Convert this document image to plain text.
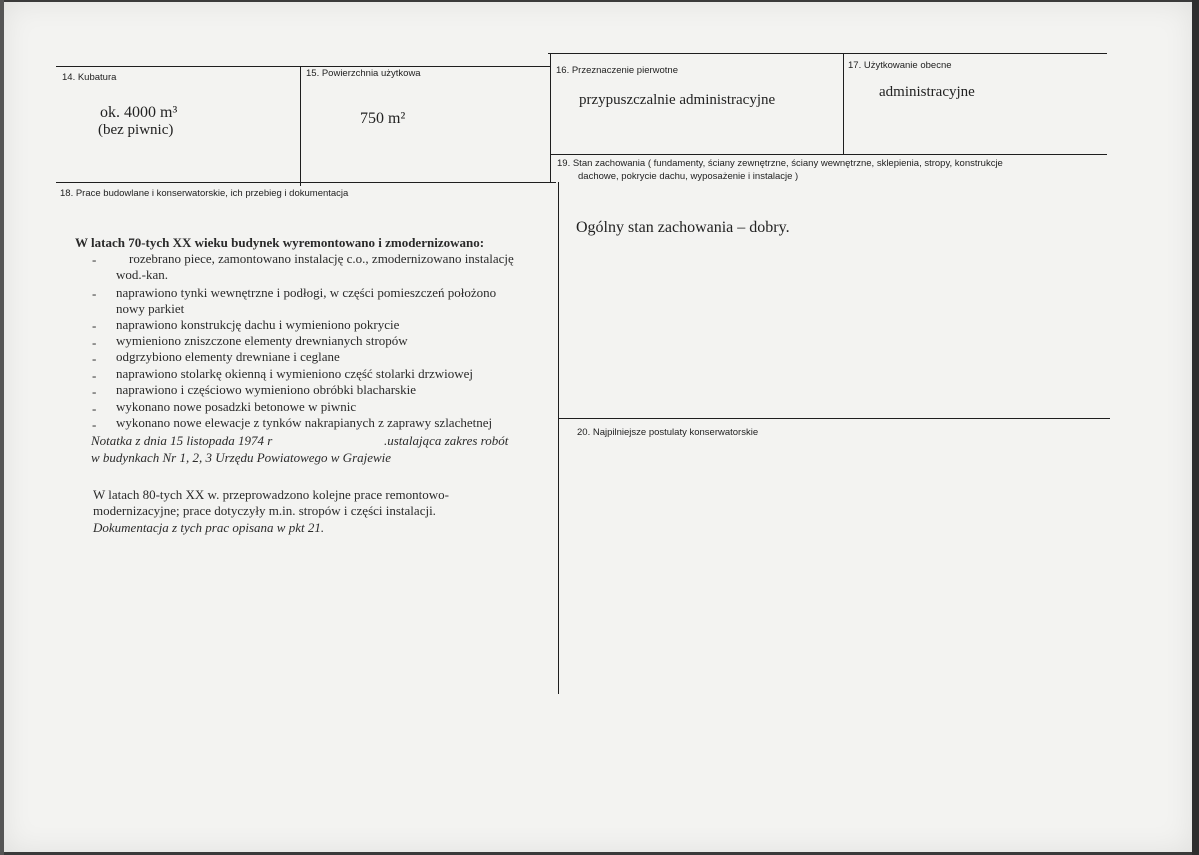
14. Kubatura
ok. 4000 m³
(bez piwnic)
15. Powierzchnia użytkowa
750 m²
16. Przeznaczenie pierwotne
przypuszczalnie administracyjne
17. Użytkowanie obecne
administracyjne
19. Stan zachowania ( fundamenty, ściany zewnętrzne, ściany wewnętrzne, sklepienia, stropy, konstrukcje
dachowe, pokrycie dachu, wyposażenie i instalacje )
Ogólny stan zachowania – dobry.
18. Prace budowlane i konserwatorskie, ich przebieg i dokumentacja
W latach 70-tych XX wieku budynek wyremontowano i zmodernizowano:
-	rozebrano piece, zamontowano instalację c.o., zmodernizowano instalację
wod.-kan.
- naprawiono tynki wewnętrzne i podłogi, w części pomieszczeń położono
nowy parkiet
- naprawiono konstrukcję dachu i wymieniono pokrycie
- wymieniono zniszczone elementy drewnianych stropów
- odgrzybiono elementy drewniane i ceglane
- naprawiono stolarkę okienną i wymieniono część stolarki drzwiowej
- naprawiono i częściowo wymieniono obróbki blacharskie
- wykonano nowe posadzki betonowe w piwnic
- wykonano nowe elewacje z tynków nakrapianych z zaprawy szlachetnej
Notatka z dnia 15 listopada 1974 r	.ustalająca zakres robót
w budynkach Nr 1, 2, 3 Urzędu Powiatowego w Grajewie
W latach 80-tych XX w. przeprowadzono kolejne prace remontowo-
modernizacyjne; prace dotyczyły m.in. stropów i części instalacji.
Dokumentacja z tych prac opisana w pkt 21.
20. Najpilniejsze postulaty konserwatorskie
